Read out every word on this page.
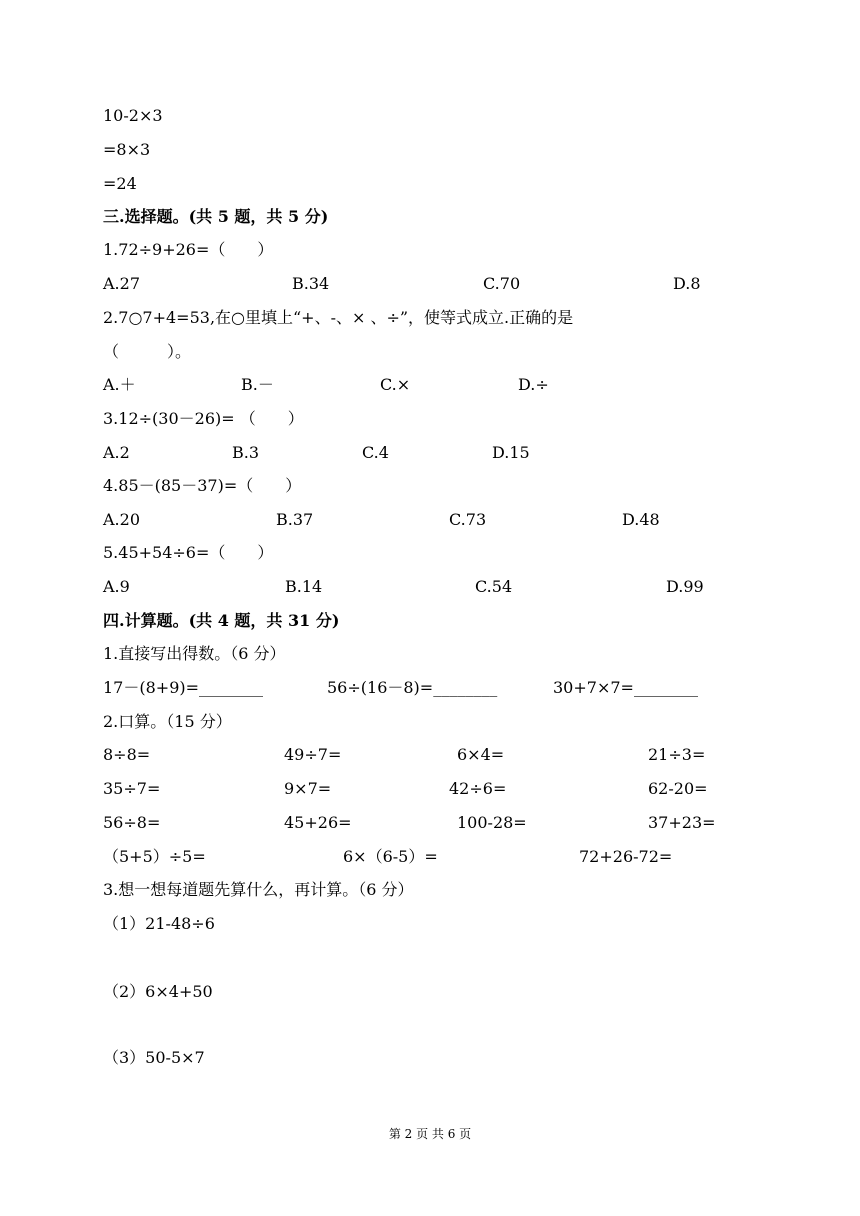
10-2×3
=8×3
=24
三.选择题。(共 5 题，共 5 分)
1.72÷9+26=（　　）
A.27	B.34	C.70	D.8
2.7○7+4=53,在○里填上“+、-、× 、÷”，使等式成立.正确的是
（　　　）。
A.＋	B.－	C.×	D.÷
3.12÷(30－26)= （　　）
A.2	B.3	C.4	D.15
4.85－(85－37)=（　　）
A.20	B.37	C.73	D.48
5.45+54÷6=（　　）
A.9	B.14	C.54	D.99
四.计算题。(共 4 题，共 31 分)
1.直接写出得数。（6 分）
17－(8+9)=________	56÷(16－8)=________	30+7×7=________
2.口算。（15 分）
8÷8=	49÷7=	6×4=	21÷3=
35÷7=	9×7=	42÷6=	62-20=
56÷8=	45+26=	100-28=	37+23=
（5+5）÷5=	6×（6-5）=	72+26-72=
3.想一想每道题先算什么，再计算。（6 分）
（1）21-48÷6
（2）6×4+50
（3）50-5×7
第 2 页 共 6 页
